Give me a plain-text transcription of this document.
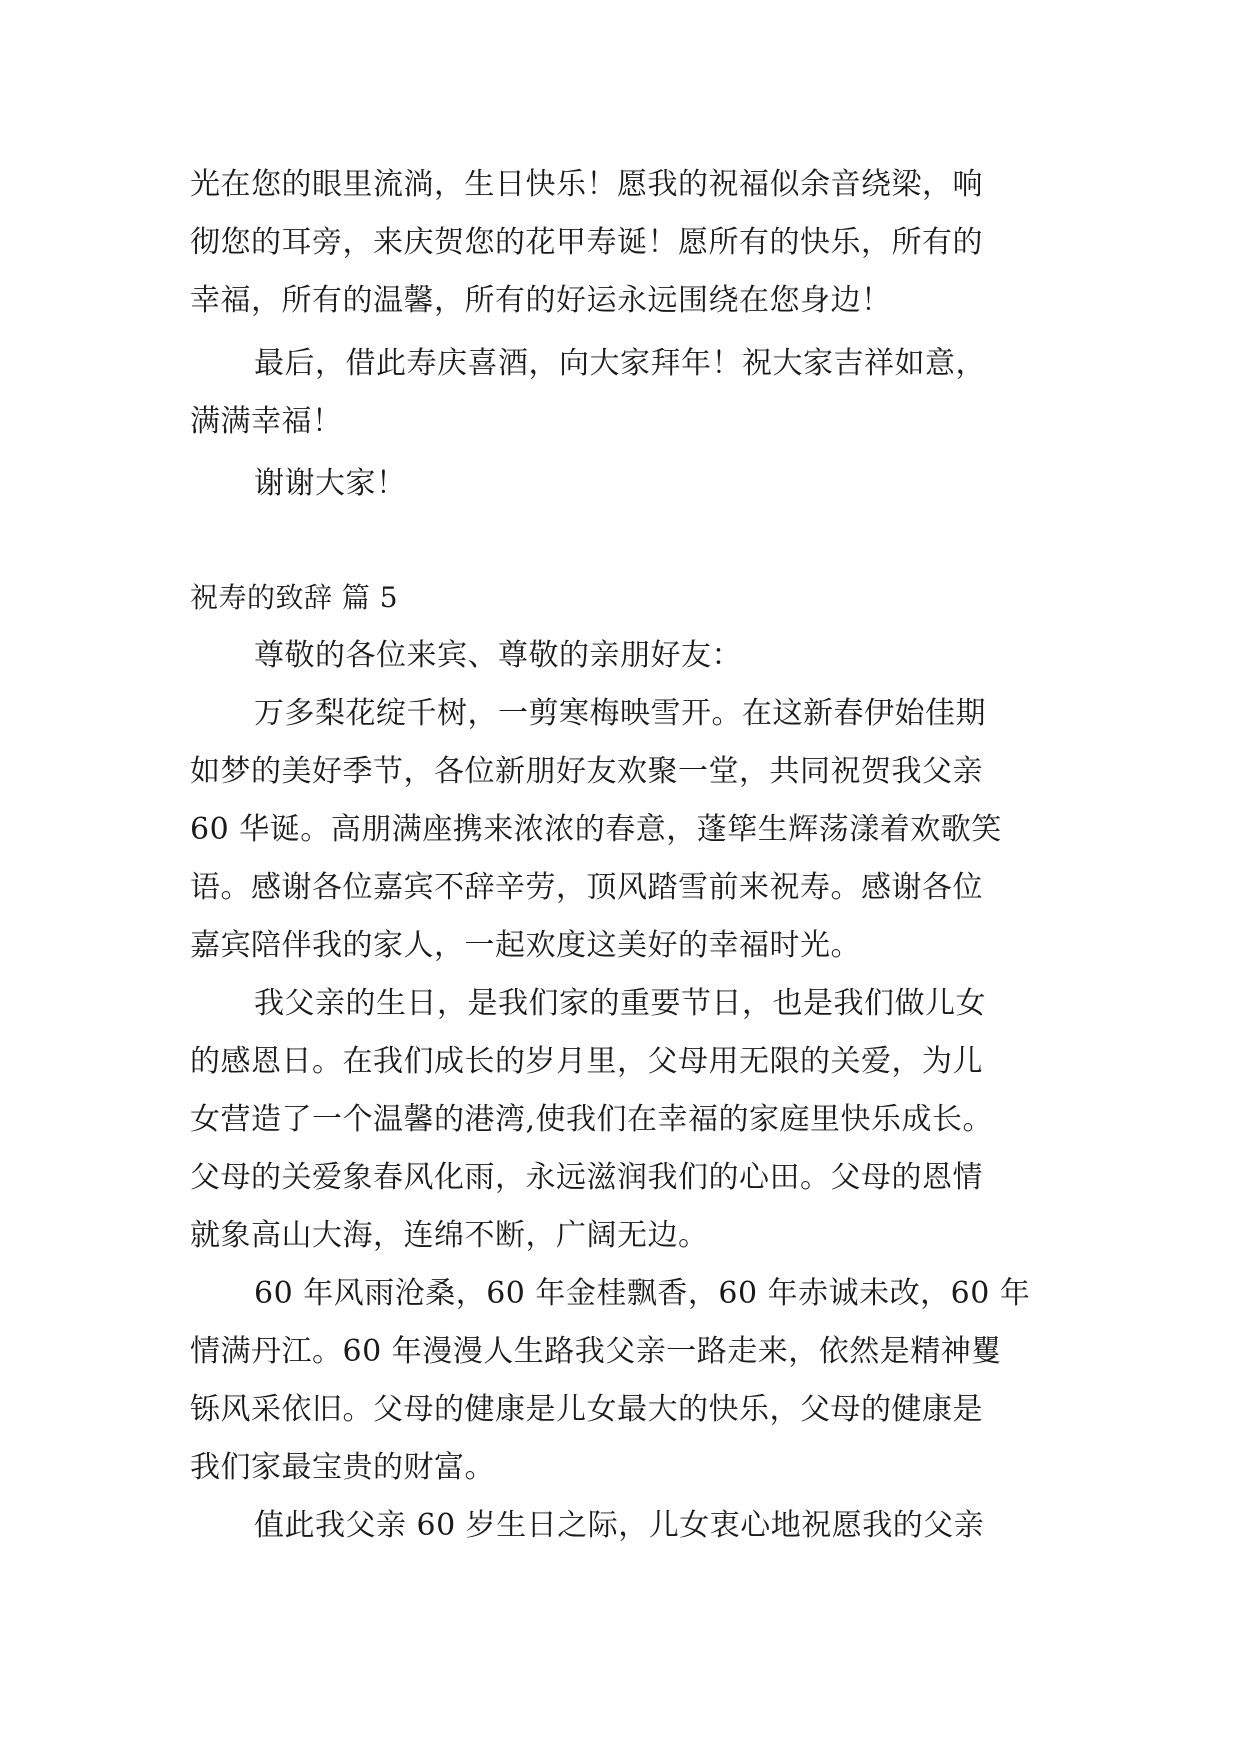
光在您的眼里流淌，生日快乐！愿我的祝福似余音绕梁，响

彻您的耳旁，来庆贺您的花甲寿诞！愿所有的快乐，所有的

幸福，所有的温馨，所有的好运永远围绕在您身边！

最后，借此寿庆喜酒，向大家拜年！祝大家吉祥如意，

满满幸福！

谢谢大家！

祝寿的致辞 篇 5

尊敬的各位来宾、尊敬的亲朋好友：

万多梨花绽千树，一剪寒梅映雪开。在这新春伊始佳期

如梦的美好季节，各位新朋好友欢聚一堂，共同祝贺我父亲

60 华诞。高朋满座携来浓浓的春意，蓬筚生辉荡漾着欢歌笑

语。感谢各位嘉宾不辞辛劳，顶风踏雪前来祝寿。感谢各位

嘉宾陪伴我的家人，一起欢度这美好的幸福时光。

我父亲的生日，是我们家的重要节日，也是我们做儿女

的感恩日。在我们成长的岁月里，父母用无限的关爱，为儿

女营造了一个温馨的港湾,使我们在幸福的家庭里快乐成长。

父母的关爱象春风化雨，永远滋润我们的心田。父母的恩情

就象高山大海，连绵不断，广阔无边。

60 年风雨沧桑，60 年金桂飘香，60 年赤诚未改，60 年

情满丹江。60 年漫漫人生路我父亲一路走来，依然是精神矍

铄风采依旧。父母的健康是儿女最大的快乐，父母的健康是

我们家最宝贵的财富。

值此我父亲 60 岁生日之际，儿女衷心地祝愿我的父亲
